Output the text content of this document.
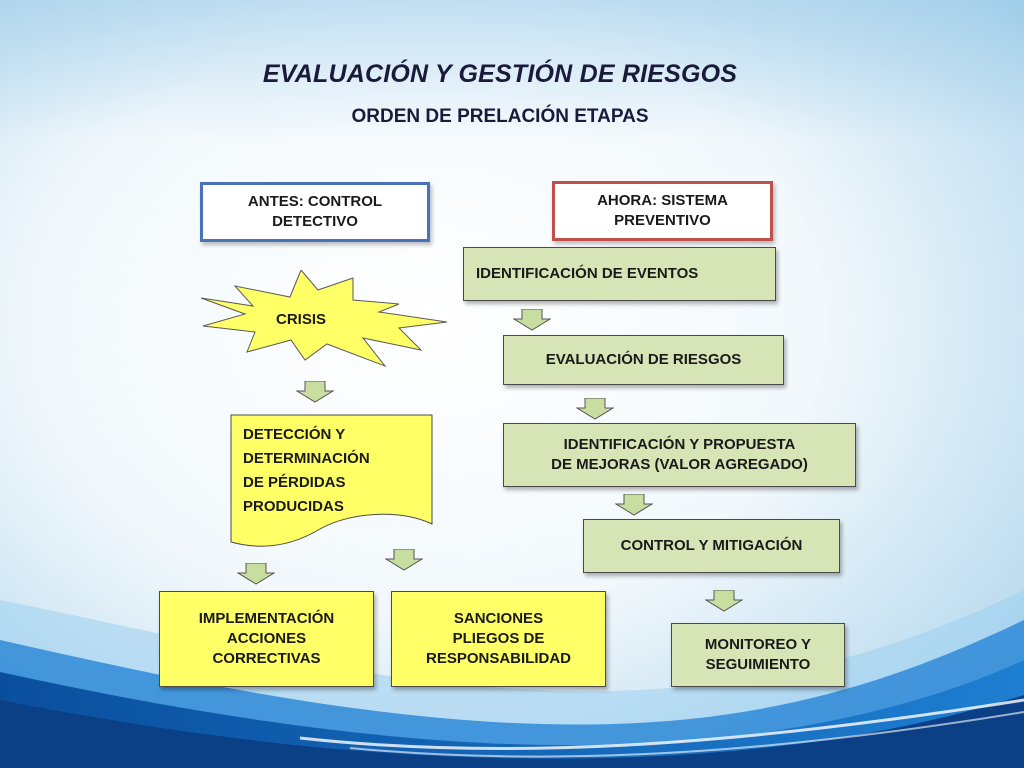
EVALUACIÓN Y GESTIÓN DE RIESGOS
ORDEN DE PRELACIÓN ETAPAS
ANTES: CONTROL
DETECTIVO
AHORA: SISTEMA
PREVENTIVO
CRISIS
DETECCIÓN Y
DETERMINACIÓN
DE PÉRDIDAS
PRODUCIDAS
IMPLEMENTACIÓN
ACCIONES
CORRECTIVAS
SANCIONES
PLIEGOS DE
RESPONSABILIDAD
IDENTIFICACIÓN DE EVENTOS
EVALUACIÓN DE RIESGOS
IDENTIFICACIÓN Y PROPUESTA
DE MEJORAS (VALOR AGREGADO)
CONTROL Y MITIGACIÓN
MONITOREO Y
SEGUIMIENTO
